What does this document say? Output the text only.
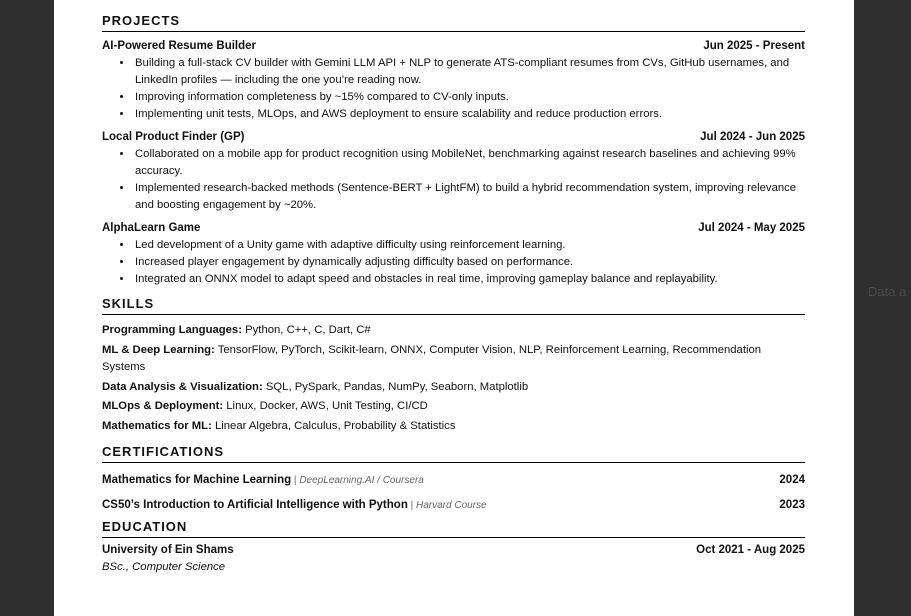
Data a
PROJECTS
AI-Powered Resume Builder	Jun 2025 - Present
• Building a full-stack CV builder with Gemini LLM API + NLP to generate ATS-compliant resumes from CVs, GitHub usernames, and LinkedIn profiles — including the one you’re reading now.
• Improving information completeness by ~15% compared to CV-only inputs.
• Implementing unit tests, MLOps, and AWS deployment to ensure scalability and reduce production errors.
Local Product Finder (GP)	Jul 2024 - Jun 2025
• Collaborated on a mobile app for product recognition using MobileNet, benchmarking against research baselines and achieving 99% accuracy.
• Implemented research-backed methods (Sentence-BERT + LightFM) to build a hybrid recommendation system, improving relevance and boosting engagement by ~20%.
AlphaLearn Game	Jul 2024 - May 2025
• Led development of a Unity game with adaptive difficulty using reinforcement learning.
• Increased player engagement by dynamically adjusting difficulty based on performance.
• Integrated an ONNX model to adapt speed and obstacles in real time, improving gameplay balance and replayability.
SKILLS

Programming Languages: Python, C++, C, Dart, C#

ML & Deep Learning: TensorFlow, PyTorch, Scikit-learn, ONNX, Computer Vision, NLP, Reinforcement Learning, Recommendation Systems

Data Analysis & Visualization: SQL, PySpark, Pandas, NumPy, Seaborn, Matplotlib

MLOps & Deployment: Linux, Docker, AWS, Unit Testing, CI/CD

Mathematics for ML: Linear Algebra, Calculus, Probability & Statistics

CERTIFICATIONS
Mathematics for Machine Learning | DeepLearning.AI / Coursera	2024
CS50’s Introduction to Artificial Intelligence with Python | Harvard Course	2023
EDUCATION
University of Ein Shams	Oct 2021 - Aug 2025
BSc., Computer Science
